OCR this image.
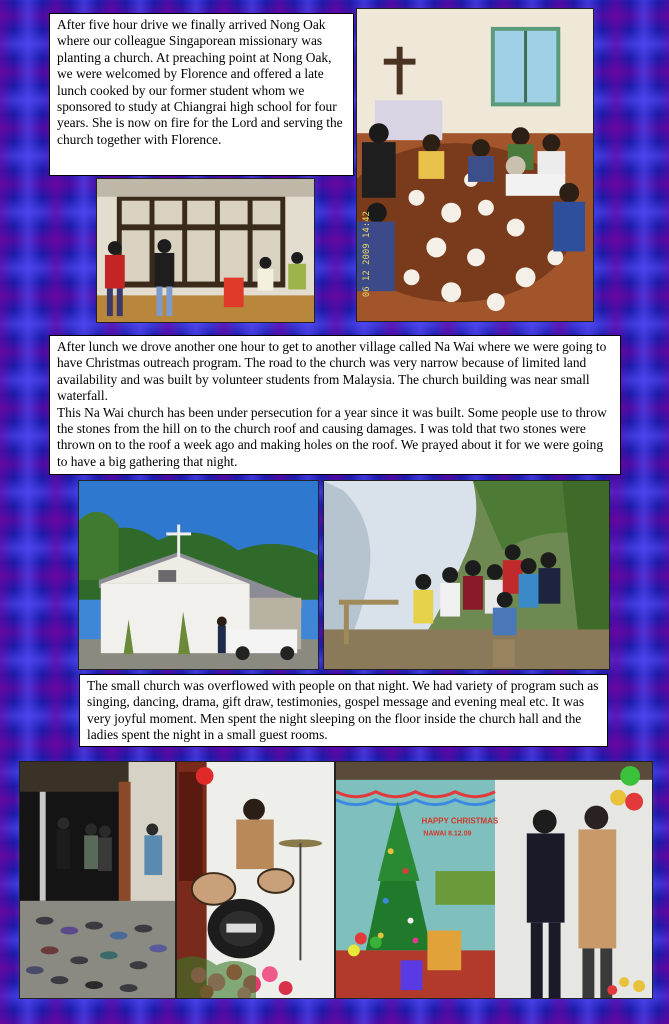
After five hour drive we finally arrived Nong Oak where our colleague Singaporean missionary was planting a church. At preaching point at Nong Oak, we were welcomed by Florence and offered a late lunch cooked by our former student whom we sponsored to study at Chiangrai high school for four years. She is now on fire for the Lord and serving the church together with Florence.

06 12 2009 14:42

After lunch we drove another one hour to get to another village called Na Wai where we were going to have Christmas outreach program. The road to the church was very narrow because of limited land availability and was built by volunteer students from Malaysia. The church building was near small waterfall.

This Na Wai church has been under persecution for a year since it was built. Some people use to throw the stones from the hill on to the church roof and causing damages. I was told that two stones were thrown on to the roof a week ago and making holes on the roof. We prayed about it for we were going to have a big gathering that night.

The small church was overflowed with people on that night. We had variety of program such as singing, dancing, drama, gift draw, testimonies, gospel message and evening meal etc. It was very joyful moment. Men spent the night sleeping on the floor inside the church hall and the ladies spent the night in a small guest rooms.

HAPPY CHRISTMAS
NAWAI 8.12.09
